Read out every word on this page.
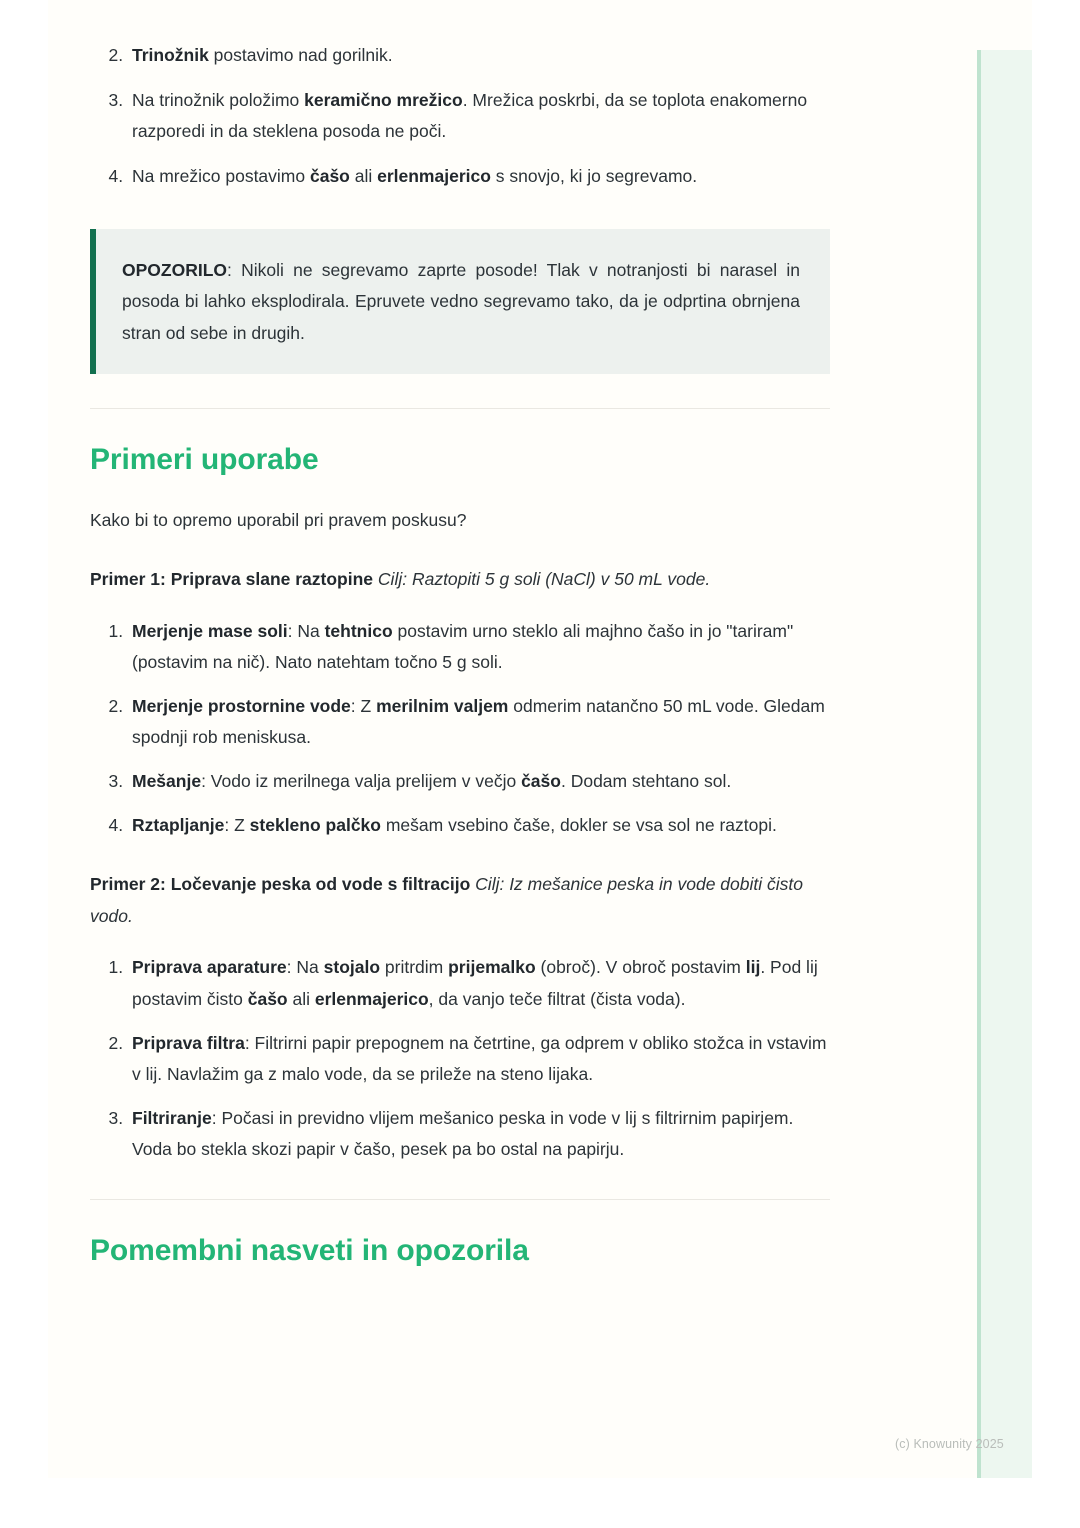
2. Trinožnik postavimo nad gorilnik.
3. Na trinožnik položimo keramično mrežico. Mrežica poskrbi, da se toplota enakomerno razporedi in da steklena posoda ne poči.
4. Na mrežico postavimo čašo ali erlenmajerico s snovjo, ki jo segrevamo.

OPOZORILO: Nikoli ne segrevamo zaprte posode! Tlak v notranjosti bi narasel in posoda bi lahko eksplodirala. Epruvete vedno segrevamo tako, da je odprtina obrnjena stran od sebe in drugih.

Primeri uporabe

Kako bi to opremo uporabil pri pravem poskusu?

Primer 1: Priprava slane raztopine Cilj: Raztopiti 5 g soli (NaCl) v 50 mL vode.

1. Merjenje mase soli: Na tehtnico postavim urno steklo ali majhno čašo in jo "tariram" (postavim na nič). Nato natehtam točno 5 g soli.
2. Merjenje prostornine vode: Z merilnim valjem odmerim natančno 50 mL vode. Gledam spodnji rob meniskusa.
3. Mešanje: Vodo iz merilnega valja prelijem v večjo čašo. Dodam stehtano sol.
4. Rztapljanje: Z stekleno palčko mešam vsebino čaše, dokler se vsa sol ne raztopi.

Primer 2: Ločevanje peska od vode s filtracijo Cilj: Iz mešanice peska in vode dobiti čisto vodo.

1. Priprava aparature: Na stojalo pritrdim prijemalko (obroč). V obroč postavim lij. Pod lij postavim čisto čašo ali erlenmajerico, da vanjo teče filtrat (čista voda).
2. Priprava filtra: Filtrirni papir prepognem na četrtine, ga odprem v obliko stožca in vstavim v lij. Navlažim ga z malo vode, da se prileže na steno lijaka.
3. Filtriranje: Počasi in previdno vlijem mešanico peska in vode v lij s filtrirnim papirjem. Voda bo stekla skozi papir v čašo, pesek pa bo ostal na papirju.
Pomembni nasveti in opozorila
(c) Knowunity 2025
